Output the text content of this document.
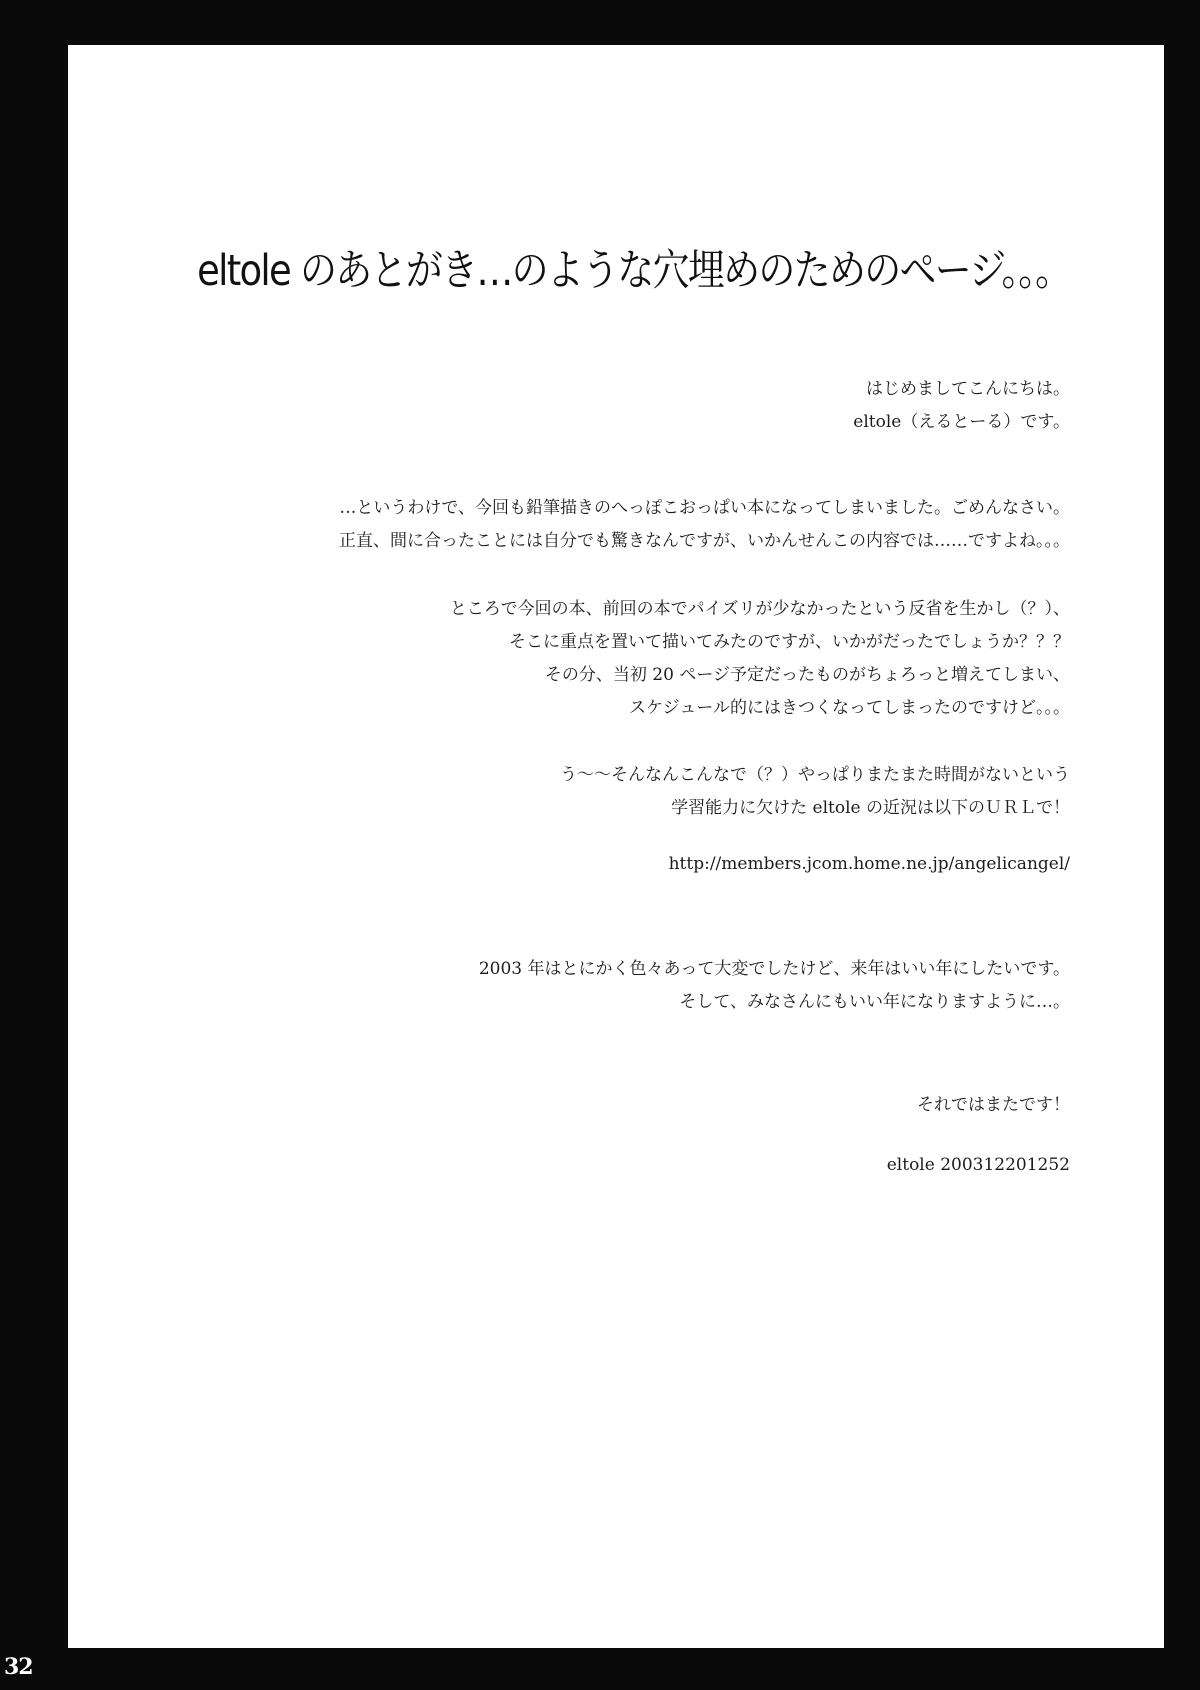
eltole のあとがき…のような穴埋めのためのページ。。。
はじめましてこんにちは。
eltole（えるとーる）です。
…というわけで、今回も鉛筆描きのへっぽこおっぱい本になってしまいました。ごめんなさい。
正直、間に合ったことには自分でも驚きなんですが、いかんせんこの内容では……ですよね。。。
ところで今回の本、前回の本でパイズリが少なかったという反省を生かし（？）、
そこに重点を置いて描いてみたのですが、いかがだったでしょうか？？？
その分、当初 20 ページ予定だったものがちょろっと増えてしまい、
スケジュール的にはきつくなってしまったのですけど。。。
う～～そんなんこんなで（？）やっぱりまたまた時間がないという
学習能力に欠けた eltole の近況は以下のＵＲＬで！
http://members.jcom.home.ne.jp/angelicangel/
2003 年はとにかく色々あって大変でしたけど、来年はいい年にしたいです。
そして、みなさんにもいい年になりますように…。
それではまたです！
eltole 200312201252
32
